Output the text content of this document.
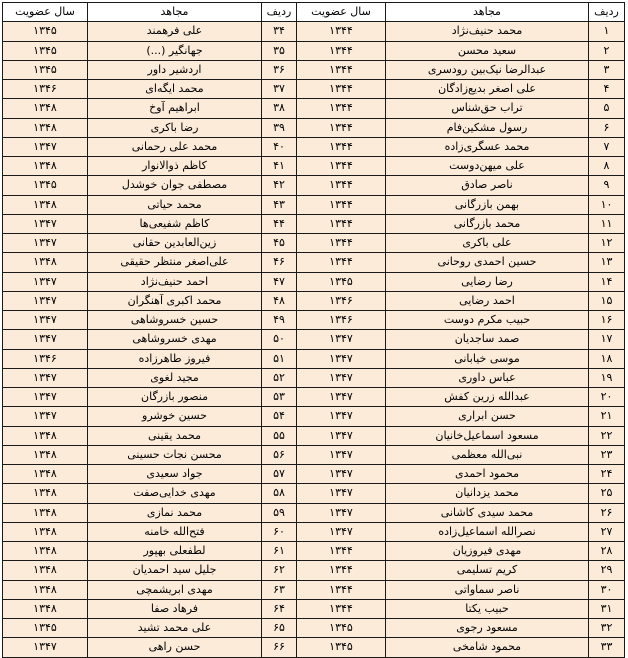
ردیف	مجاهد	سال عضویت	ردیف	مجاهد	سال عضویت
۱	محمد حنیف‌نژاد	۱۳۴۴	۳۴	علی فرهمند	۱۳۴۵
۲	سعید محسن	۱۳۴۴	۳۵	جهانگیر (...)	۱۳۴۵
۳	عبدالرضا نیک‌بین رودسری	۱۳۴۴	۳۶	اردشیر داور	۱۳۴۵
۴	علی اصغر بدیع‌زادگان	۱۳۴۴	۳۷	محمد ایگه‌ای	۱۳۴۶
۵	تراب حق‌شناس	۱۳۴۴	۳۸	ابراهیم آوخ	۱۳۴۸
۶	رسول مشکین‌فام	۱۳۴۴	۳۹	رضا باکری	۱۳۴۸
۷	محمد عسگری‌زاده	۱۳۴۴	۴۰	محمد علی رحمانی	۱۳۴۷
۸	علی میهن‌دوست	۱۳۴۴	۴۱	کاظم ذوالانوار	۱۳۴۸
۹	ناصر صادق	۱۳۴۴	۴۲	مصطفی جوان خوشدل	۱۳۴۵
۱۰	بهمن بازرگانی	۱۳۴۴	۴۳	محمد حیاتی	۱۳۴۸
۱۱	محمد بازرگانی	۱۳۴۴	۴۴	کاظم شفیعی‌ها	۱۳۴۷
۱۲	علی باکری	۱۳۴۴	۴۵	زین‌العابدین حقانی	۱۳۴۷
۱۳	حسین احمدی روحانی	۱۳۴۴	۴۶	علی‌اصغر منتظر حقیقی	۱۳۴۸
۱۴	رضا رضایی	۱۳۴۵	۴۷	احمد حنیف‌نژاد	۱۳۴۷
۱۵	احمد رضایی	۱۳۴۶	۴۸	محمد اکبری آهنگران	۱۳۴۷
۱۶	حبیب مکرم دوست	۱۳۴۶	۴۹	حسین خسروشاهی	۱۳۴۷
۱۷	صمد ساجدیان	۱۳۴۷	۵۰	مهدی خسروشاهی	۱۳۴۷
۱۸	موسی خیابانی	۱۳۴۷	۵۱	فیروز طاهرزاده	۱۳۴۶
۱۹	عباس داوری	۱۳۴۷	۵۲	مجید لغوی	۱۳۴۷
۲۰	عبدالله زرین کفش	۱۳۴۷	۵۳	منصور بازرگان	۱۳۴۷
۲۱	حسن ابراری	۱۳۴۷	۵۴	حسین خوشرو	۱۳۴۷
۲۲	مسعود اسماعیل‌خانیان	۱۳۴۷	۵۵	محمد یقینی	۱۳۴۸
۲۳	نبی‌الله معظمی	۱۳۴۷	۵۶	محسن نجات حسینی	۱۳۴۸
۲۴	محمود احمدی	۱۳۴۷	۵۷	جواد سعیدی	۱۳۴۸
۲۵	محمد یزدانیان	۱۳۴۷	۵۸	مهدی خدایی‌صفت	۱۳۴۸
۲۶	محمد سیدی کاشانی	۱۳۴۷	۵۹	محمد نمازی	۱۳۴۸
۲۷	نصرالله اسماعیل‌زاده	۱۳۴۷	۶۰	فتح‌الله خامنه	۱۳۴۸
۲۸	مهدی فیروزیان	۱۳۴۴	۶۱	لطفعلی بهپور	۱۳۴۸
۲۹	کریم تسلیمی	۱۳۴۴	۶۲	جلیل سید احمدیان	۱۳۴۸
۳۰	ناصر سماواتی	۱۳۴۴	۶۳	مهدی ابریشمچی	۱۳۴۸
۳۱	حبیب یکتا	۱۳۴۴	۶۴	فرهاد صفا	۱۳۴۸
۳۲	مسعود رجوی	۱۳۴۵	۶۵	علی محمد تشید	۱۳۴۵
۳۳	محمود شامخی	۱۳۴۵	۶۶	حسن راهی	۱۳۴۷
